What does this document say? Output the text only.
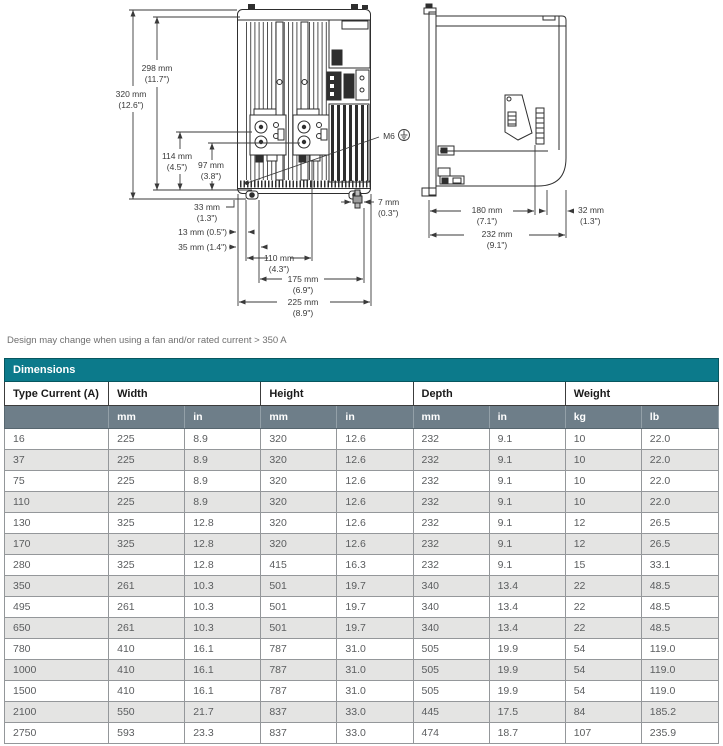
298 mm
(11.7")
320 mm
(12.6")
114 mm
(4.5") 97 mm
(3.8")
M6
7 mm
(0.3")
33 mm
(1.3")
13 mm (0.5")
35 mm (1.4")
110 mm
(4.3")
175 mm
(6.9")
225 mm
(8.9")
180 mm
(7.1")
32 mm
(1.3")
232 mm
(9.1")
Design may change when using a fan and/or rated current > 350 A
Dimensions								
Type Current (A)	Width		Height		Depth		Weight	
	mm	in	mm	in	mm	in	kg	lb
16	225	8.9	320	12.6	232	9.1	10	22.0
37	225	8.9	320	12.6	232	9.1	10	22.0
75	225	8.9	320	12.6	232	9.1	10	22.0
110	225	8.9	320	12.6	232	9.1	10	22.0
130	325	12.8	320	12.6	232	9.1	12	26.5
170	325	12.8	320	12.6	232	9.1	12	26.5
280	325	12.8	415	16.3	232	9.1	15	33.1
350	261	10.3	501	19.7	340	13.4	22	48.5
495	261	10.3	501	19.7	340	13.4	22	48.5
650	261	10.3	501	19.7	340	13.4	22	48.5
780	410	16.1	787	31.0	505	19.9	54	119.0
1000	410	16.1	787	31.0	505	19.9	54	119.0
1500	410	16.1	787	31.0	505	19.9	54	119.0
2100	550	21.7	837	33.0	445	17.5	84	185.2
2750	593	23.3	837	33.0	474	18.7	107	235.9
